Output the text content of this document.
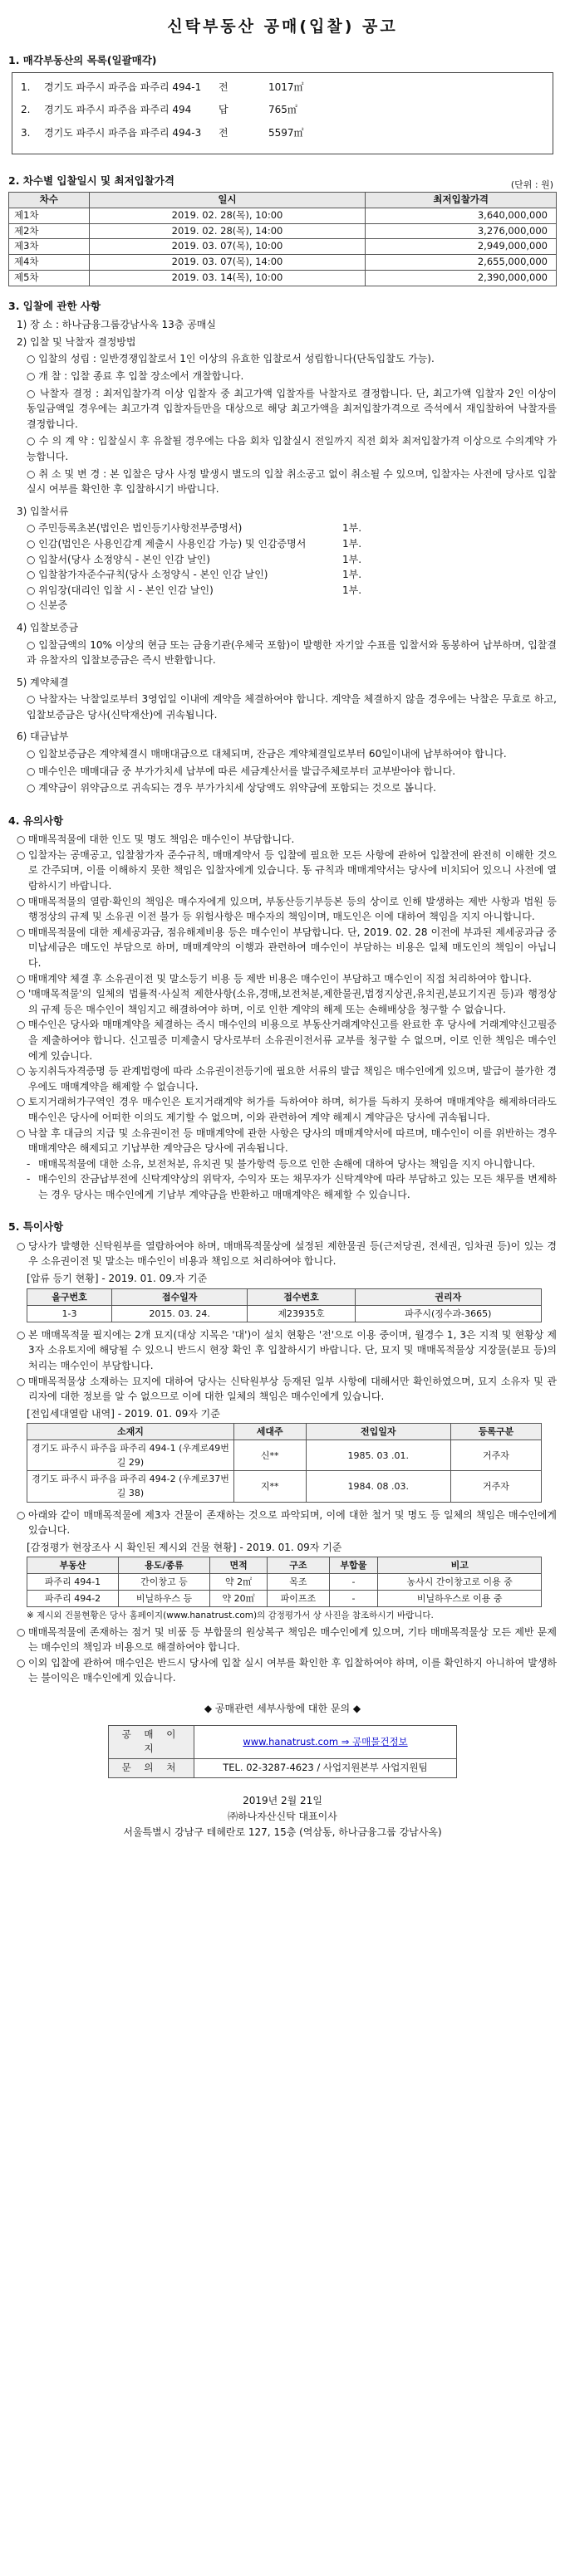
신탁부동산 공매(입찰) 공고
1. 매각부동산의 목록(일괄매각)
1.	경기도 파주시 파주읍 파주리 494-1	전	1017㎡
2.	경기도 파주시 파주읍 파주리 494	답	765㎡
3.	경기도 파주시 파주읍 파주리 494-3	전	5597㎡
2. 차수별 입찰일시 및 최저입찰가격	(단위 : 원)
차수	일시	최저입찰가격
제1차	2019. 02. 28(목), 10:00	3,640,000,000
제2차	2019. 02. 28(목), 14:00	3,276,000,000
제3차	2019. 03. 07(목), 10:00	2,949,000,000
제4차	2019. 03. 07(목), 14:00	2,655,000,000
제5차	2019. 03. 14(목), 10:00	2,390,000,000
3. 입찰에 관한 사항

1) 장 소 : 하나금융그룹강남사옥 13층 공매실

2) 입찰 및 낙찰자 결정방법

○ 입찰의 성립 : 일반경쟁입찰로서 1인 이상의 유효한 입찰로서 성립합니다(단독입찰도 가능).

○ 개 찰 : 입찰 종료 후 입찰 장소에서 개찰합니다.

○ 낙찰자 결정 : 최저입찰가격 이상 입찰자 중 최고가액 입찰자를 낙찰자로 결정합니다. 단, 최고가액 입찰자 2인 이상이 동일금액일 경우에는 최고가격 입찰자들만을 대상으로 해당 최고가액을 최저입찰가격으로 즉석에서 재입찰하여 낙찰자를 결정합니다.

○ 수 의 계 약 : 입찰실시 후 유찰될 경우에는 다음 회차 입찰실시 전일까지 직전 회차 최저입찰가격 이상으로 수의계약 가능합니다.

○ 취 소 및 변 경 : 본 입찰은 당사 사정 발생시 별도의 입찰 취소공고 없이 취소될 수 있으며, 입찰자는 사전에 당사로 입찰 실시 여부를 확인한 후 입찰하시기 바랍니다.

3) 입찰서류

○ 주민등록초본(법인은 법인등기사항전부증명서)	1부.
○ 인감(법인은 사용인감계 제출시 사용인감 가능) 및 인감증명서	1부.
○ 입찰서(당사 소정양식 - 본인 인감 날인)	1부.
○ 입찰참가자준수규칙(당사 소정양식 - 본인 인감 날인)	1부.
○ 위임장(대리인 입찰 시 - 본인 인감 날인)	1부.
○ 신분증

4) 입찰보증금

○ 입찰금액의 10% 이상의 현금 또는 금융기관(우체국 포함)이 발행한 자기앞 수표를 입찰서와 동봉하여 납부하며, 입찰결과 유찰자의 입찰보증금은 즉시 반환합니다.

5) 계약체결

○ 낙찰자는 낙찰일로부터 3영업일 이내에 계약을 체결하여야 합니다. 계약을 체결하지 않을 경우에는 낙찰은 무효로 하고, 입찰보증금은 당사(신탁재산)에 귀속됩니다.

6) 대금납부

○ 입찰보증금은 계약체결시 매매대금으로 대체되며, 잔금은 계약체결일로부터 60일이내에 납부하여야 합니다.

○ 매수인은 매매대금 중 부가가치세 납부에 따른 세금계산서를 발급주체로부터 교부받아야 합니다.

○ 계약금이 위약금으로 귀속되는 경우 부가가치세 상당액도 위약금에 포함되는 것으로 봅니다.

4. 유의사항
○ 매매목적물에 대한 인도 및 명도 책임은 매수인이 부담합니다.
○ 입찰자는 공매공고, 입찰참가자 준수규칙, 매매계약서 등 입찰에 필요한 모든 사항에 관하여 입찰전에 완전히 이해한 것으로 간주되며, 이를 이해하지 못한 책임은 입찰자에게 있습니다. 동 규칙과 매매계약서는 당사에 비치되어 있으니 사전에 열람하시기 바랍니다.
○ 매매목적물의 열람·확인의 책임은 매수자에게 있으며, 부동산등기부등본 등의 상이로 인해 발생하는 제반 사항과 법원 등 행정상의 규제 및 소유권 이전 불가 등 위험사항은 매수자의 책임이며, 매도인은 이에 대하여 책임을 지지 아니합니다.
○ 매매목적물에 대한 제세공과금, 점유해제비용 등은 매수인이 부담합니다. 단, 2019. 02. 28 이전에 부과된 제세공과금 중 미납세금은 매도인 부담으로 하며, 매매계약의 이행과 관련하여 매수인이 부담하는 비용은 일체 매도인의 책임이 아닙니다.
○ 매매계약 체결 후 소유권이전 및 말소등기 비용 등 제반 비용은 매수인이 부담하고 매수인이 직접 처리하여야 합니다.
○ '매매목적물'의 일체의 법률적·사실적 제한사항(소유,경매,보전처분,제한물권,법정지상권,유치권,분묘기지권 등)과 행정상의 규제 등은 매수인이 책임지고 해결하여야 하며, 이로 인한 계약의 해제 또는 손해배상을 청구할 수 없습니다.
○ 매수인은 당사와 매매계약을 체결하는 즉시 매수인의 비용으로 부동산거래계약신고를 완료한 후 당사에 거래계약신고필증을 제출하여야 합니다. 신고필증 미제출시 당사로부터 소유권이전서류 교부를 청구할 수 없으며, 이로 인한 책임은 매수인에게 있습니다.
○ 농지취득자격증명 등 관계법령에 따라 소유권이전등기에 필요한 서류의 발급 책임은 매수인에게 있으며, 발급이 불가한 경우에도 매매계약을 해제할 수 없습니다.
○ 토지거래허가구역인 경우 매수인은 토지거래계약 허가를 득하여야 하며, 허가를 득하지 못하여 매매계약을 해제하더라도 매수인은 당사에 어떠한 이의도 제기할 수 없으며, 이와 관련하여 계약 해제시 계약금은 당사에 귀속됩니다.
○ 낙찰 후 대금의 지급 및 소유권이전 등 매매계약에 관한 사항은 당사의 매매계약서에 따르며, 매수인이 이를 위반하는 경우 매매계약은 해제되고 기납부한 계약금은 당사에 귀속됩니다.
- 매매목적물에 대한 소유, 보전처분, 유치권 및 불가항력 등으로 인한 손해에 대하여 당사는 책임을 지지 아니합니다.
- 매수인의 잔금납부전에 신탁계약상의 위탁자, 수익자 또는 채무자가 신탁계약에 따라 부담하고 있는 모든 채무를 변제하는 경우 당사는 매수인에게 기납부 계약금을 반환하고 매매계약은 해제할 수 있습니다.
5. 특이사항
○ 당사가 발행한 신탁원부를 열람하여야 하며, 매매목적물상에 설정된 제한물권 등(근저당권, 전세권, 임차권 등)이 있는 경우 소유권이전 및 말소는 매수인이 비용과 책임으로 처리하여야 합니다.

[압류 등기 현황] - 2019. 01. 09.자 기준

을구번호	접수일자	접수번호	권리자
1-3	2015. 03. 24.	제23935호	파주시(징수과-3665)
○ 본 매매목적물 필지에는 2개 묘지(대상 지목은 '대')이 설치 현황은 '전'으로 이용 중이며, 월경수 1, 3은 지적 및 현황상 제3자 소유토지에 해당될 수 있으니 반드시 현장 확인 후 입찰하시기 바랍니다. 단, 묘지 및 매매목적물상 지장물(분묘 등)의 처리는 매수인이 부담합니다.
○ 매매목적물상 소재하는 묘지에 대하여 당사는 신탁원부상 등재된 일부 사항에 대해서만 확인하였으며, 묘지 소유자 및 관리자에 대한 정보를 알 수 없으므로 이에 대한 일체의 책임은 매수인에게 있습니다.

[전입세대열람 내역] - 2019. 01. 09자 기준

소재지	세대주	전입일자	등록구분
경기도 파주시 파주읍 파주리 494-1 (우계로49번길 29)	신**	1985. 03 .01.	거주자
경기도 파주시 파주읍 파주리 494-2 (우계로37번길 38)	지**	1984. 08 .03.	거주자
○ 아래와 같이 매매목적물에 제3자 건물이 존재하는 것으로 파악되며, 이에 대한 철거 및 명도 등 일체의 책임은 매수인에게 있습니다.

[감정평가 현장조사 시 확인된 제시외 건물 현황] - 2019. 01. 09자 기준

부동산	용도/종류	면적	구조	부합물	비고
파주리 494-1	간이창고 등	약 2㎡	목조	-	농사시 간이창고로 이용 중
파주리 494-2	비닐하우스 등	약 20㎡	파이프조	-	비닐하우스로 이용 중

※ 제시외 건물현황은 당사 홈페이지(www.hanatrust.com)의 감정평가서 상 사진을 참조하시기 바랍니다.

○ 매매목적물에 존재하는 점거 및 비품 등 부합물의 원상복구 책임은 매수인에게 있으며, 기타 매매목적물상 모든 제반 문제는 매수인의 책임과 비용으로 해결하여야 합니다.
○ 이외 입찰에 관하여 매수인은 반드시 당사에 입찰 실시 여부를 확인한 후 입찰하여야 하며, 이를 확인하지 아니하여 발생하는 불이익은 매수인에게 있습니다.

◆ 공매관련 세부사항에 대한 문의 ◆

공 매 이 지	www.hanatrust.com ⇒ 공매물건정보
문 의 처	TEL. 02-3287-4623 / 사업지원본부 사업지원팀
2019년 2월 21일
㈜하나자산신탁 대표이사
서울특별시 강남구 테헤란로 127, 15층 (역삼동, 하나금융그룹 강남사옥)
